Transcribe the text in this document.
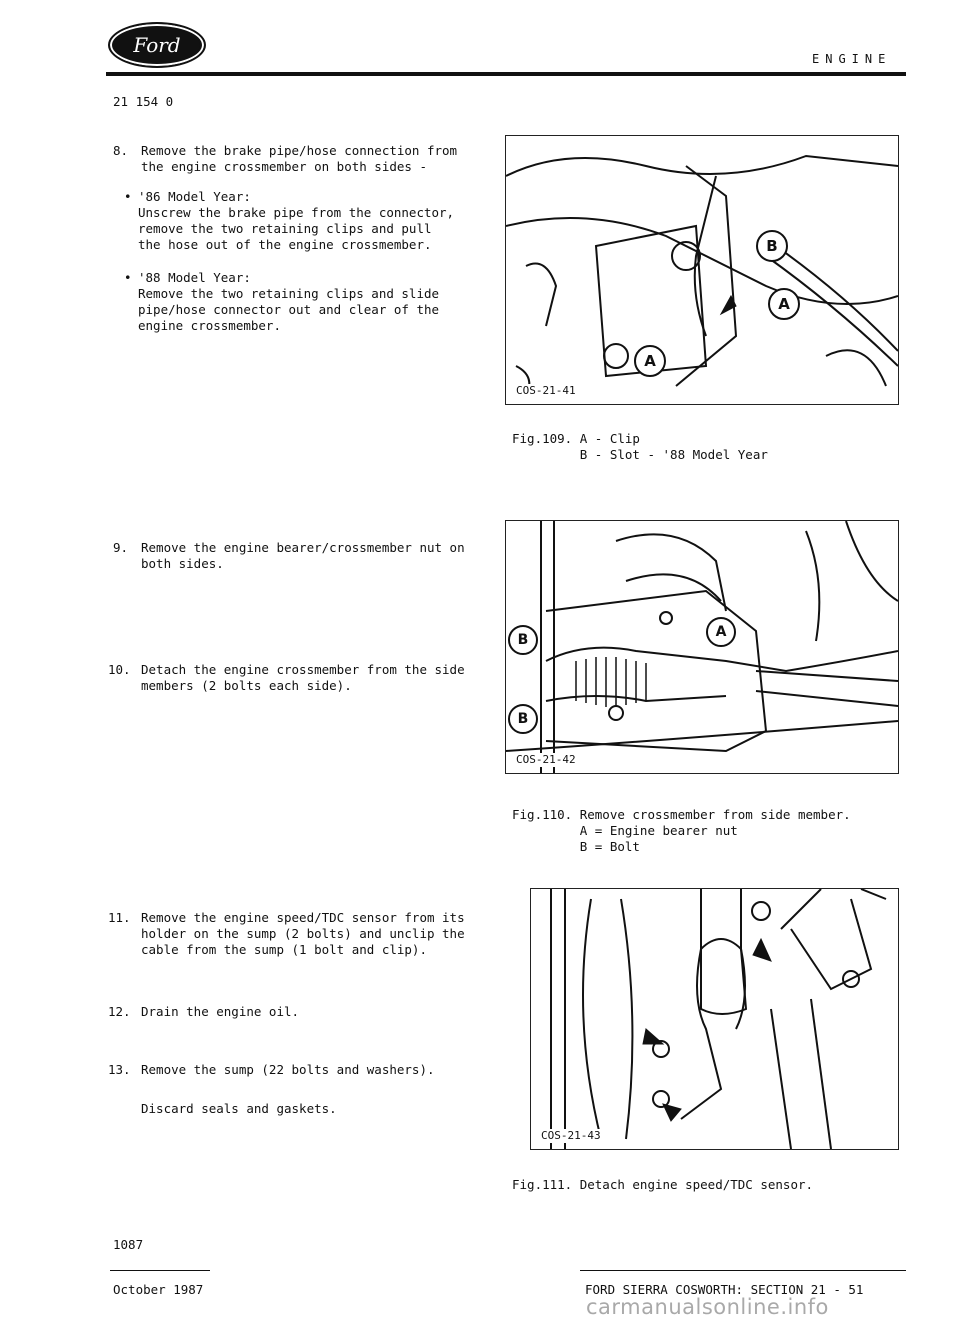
Ford
ENGINE
21 154 0
8. Remove the brake pipe/hose connection from
the engine crossmember on both sides -
• '86 Model Year:
Unscrew the brake pipe from the connector,
remove the two retaining clips and pull
the hose out of the engine crossmember.
• '88 Model Year:
Remove the two retaining clips and slide
pipe/hose connector out and clear of the
engine crossmember.
9. Remove the engine bearer/crossmember nut on
both sides.
10. Detach the engine crossmember from the side
members (2 bolts each side).
11. Remove the engine speed/TDC sensor from its
holder on the sump (2 bolts) and unclip the
cable from the sump (1 bolt and clip).
12. Drain the engine oil.
13. Remove the sump (22 bolts and washers).
Discard seals and gaskets.
B
A
A
COS-21-41
Fig.109. A - Clip
B - Slot - '88 Model Year
B	A
B
COS-21-42
Fig.110. Remove crossmember from side member.
A = Engine bearer nut
B = Bolt
COS-21-43
Fig.111. Detach engine speed/TDC sensor.
1087
October 1987	FORD SIERRA COSWORTH: SECTION 21 - 51
carmanualsonline.info
